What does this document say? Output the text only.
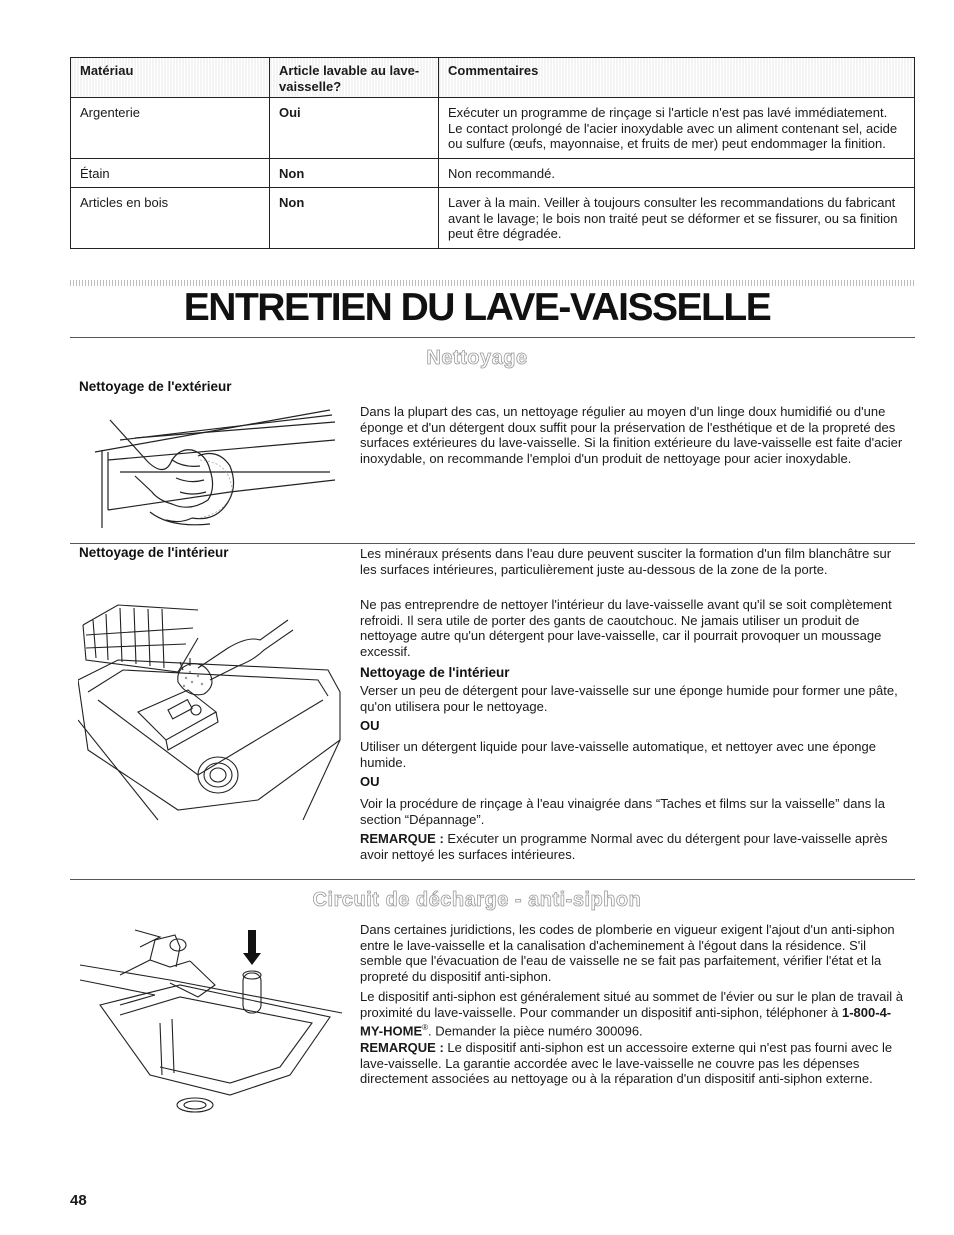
Matériau	Article lavable au lave-vaisselle?	Commentaires
Argenterie	Oui	Exécuter un programme de rinçage si l'article n'est pas lavé immédiatement. Le contact prolongé de l'acier inoxydable avec un aliment contenant sel, acide ou sulfure (œufs, mayonnaise, et fruits de mer) peut endommager la finition.
Étain	Non	Non recommandé.
Articles en bois	Non	Laver à la main. Veiller à toujours consulter les recommandations du fabricant avant le lavage; le bois non traité peut se déformer et se fissurer, ou sa finition peut être dégradée.
ENTRETIEN DU LAVE-VAISSELLE
Nettoyage
Nettoyage de l'extérieur

Dans la plupart des cas, un nettoyage régulier au moyen d'un linge doux humidifié ou d'une éponge et d'un détergent doux suffit pour la préservation de l'esthétique et de la propreté des surfaces extérieures du lave-vaisselle. Si la finition extérieure du lave-vaisselle est faite d'acier inoxydable, on recommande l'emploi d'un produit de nettoyage pour acier inoxydable.

Nettoyage de l'intérieur	Les minéraux présents dans l'eau dure peuvent susciter la formation d'un film blanchâtre sur les surfaces intérieures, particulièrement juste au-dessous de la zone de la porte.

Ne pas entreprendre de nettoyer l'intérieur du lave-vaisselle avant qu'il se soit complètement refroidi. Il sera utile de porter des gants de caoutchouc. Ne jamais utiliser un produit de nettoyage autre qu'un détergent pour lave-vaisselle, car il pourrait provoquer un moussage excessif.

Nettoyage de l'intérieur

Verser un peu de détergent pour lave-vaisselle sur une éponge humide pour former une pâte, qu'on utilisera pour le nettoyage.

OU

Utiliser un détergent liquide pour lave-vaisselle automatique, et nettoyer avec une éponge humide.

OU

Voir la procédure de rinçage à l'eau vinaigrée dans “Taches et films sur la vaisselle” dans la section “Dépannage”.

REMARQUE : Exécuter un programme Normal avec du détergent pour lave-vaisselle après avoir nettoyé les surfaces intérieures.

Circuit de décharge - anti-siphon

Dans certaines juridictions, les codes de plomberie en vigueur exigent l'ajout d'un anti-siphon entre le lave-vaisselle et la canalisation d'acheminement à l'égout dans la résidence. S'il semble que l'évacuation de l'eau de vaisselle ne se fait pas parfaitement, vérifier l'état et la propreté du dispositif anti-siphon.

Le dispositif anti-siphon est généralement situé au sommet de l'évier ou sur le plan de travail à proximité du lave-vaisselle. Pour commander un dispositif anti-siphon, téléphoner à 1-800-4-MY-HOME®. Demander la pièce numéro 300096.

REMARQUE : Le dispositif anti-siphon est un accessoire externe qui n'est pas fourni avec le lave-vaisselle. La garantie accordée avec le lave-vaisselle ne couvre pas les dépenses directement associées au nettoyage ou à la réparation d'un dispositif anti-siphon externe.

48
